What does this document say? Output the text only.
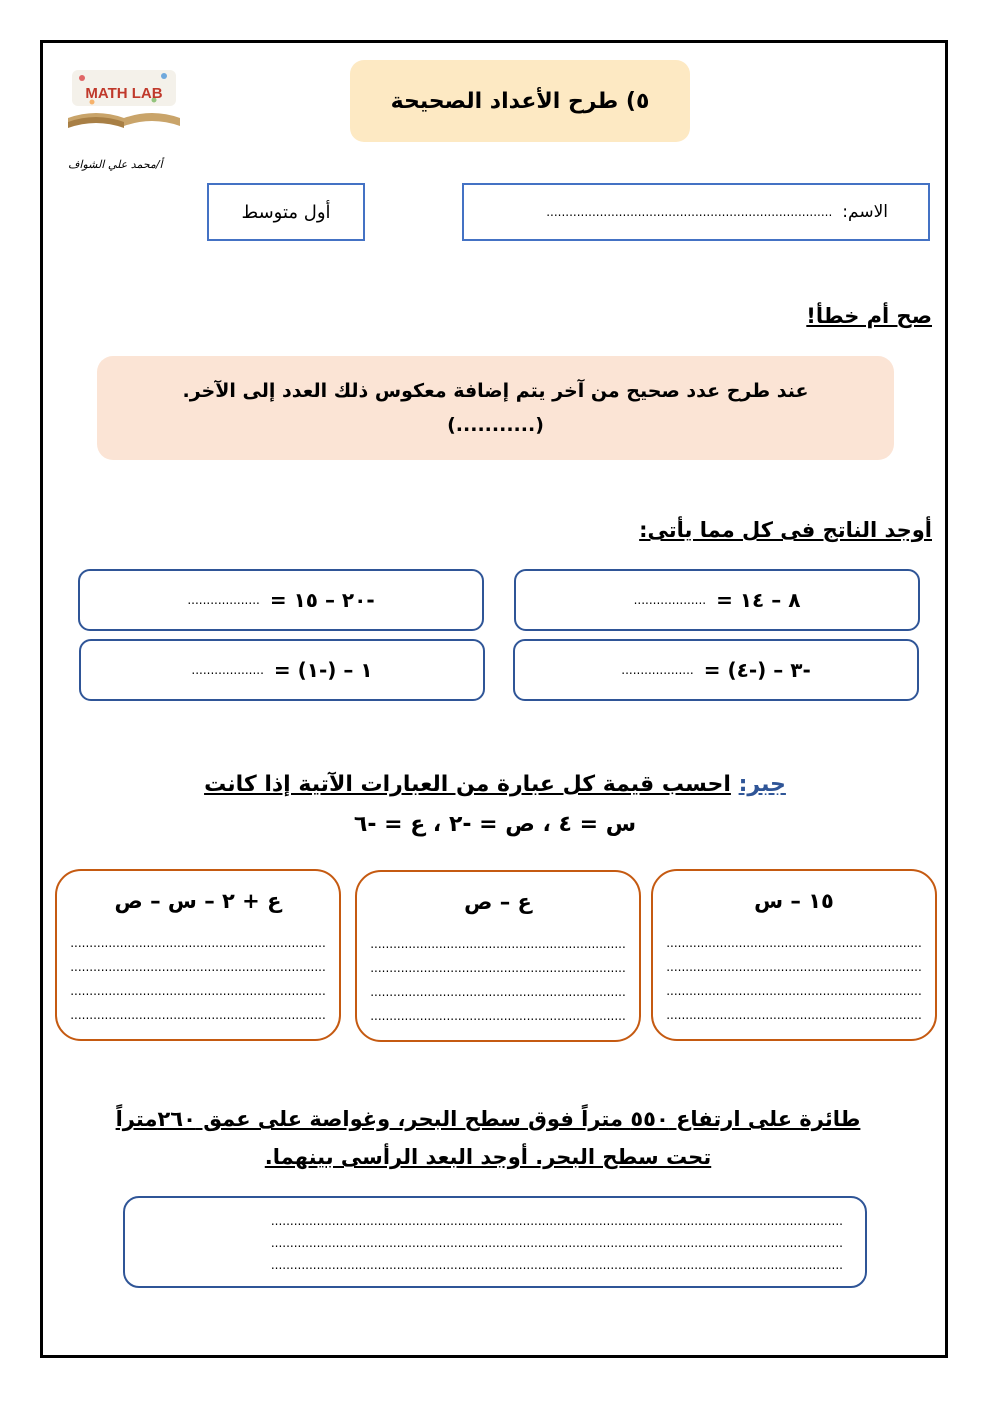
٥) طرح الأعداد الصحيحة
MATH LAB
أ/محمد علي الشواف
الاسم:
...........................................................................
أول متوسط
صح أم خطأ!
عند طرح عدد صحيح من آخر يتم إضافة معكوس ذلك العدد إلى الآخر.
(...........)
أوجد الناتج فى كل مما يأتى:
٨ – ١٤ =
...................
-٢٠ – ١٥ =
...................
-٣ – (-٤) =
...................
١ – (-١) =
...................
جبر: احسب قيمة كل عبارة من العبارات الآتية إذا كانت
س = ٤ ، ص = -٢ ، ع = -٦
١٥ – س
...................................................................
...................................................................
...................................................................
...................................................................
ع – ص
...................................................................
...................................................................
...................................................................
...................................................................
ع + ٢ – س – ص
...................................................................
...................................................................
...................................................................
...................................................................
طائرة على ارتفاع ٥٥٠ متراً فوق سطح البحر، وغواصة على عمق ٢٦٠متراً
تحت سطح البحر. أوجد البعد الرأسى بينهما.
......................................................................................................................................................
......................................................................................................................................................
......................................................................................................................................................
